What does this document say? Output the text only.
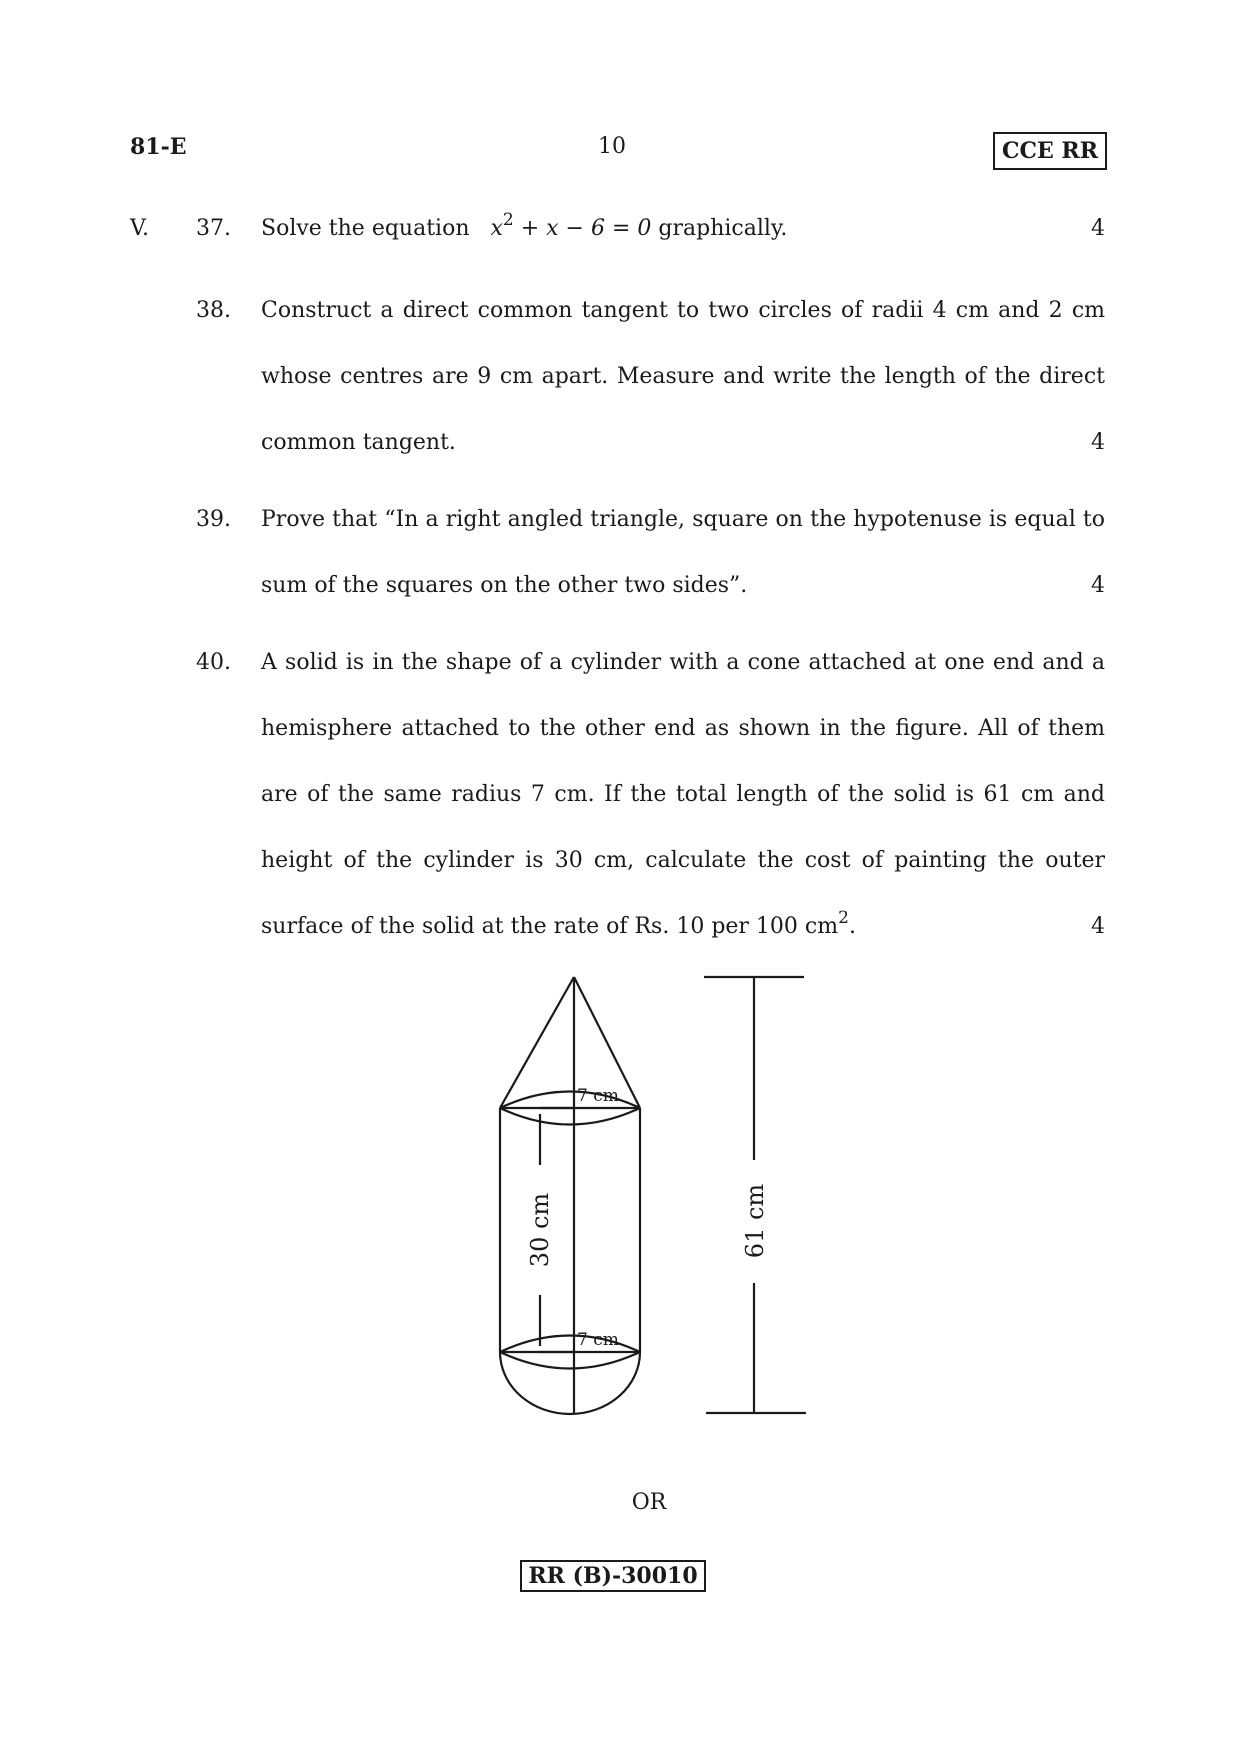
81-E	10	CCE RR
V. 37. Solve the equation $x^2 + x - 6 = 0$ graphically.	4
38. Construct a direct common tangent to two circles of radii 4 cm and 2 cm
whose centres are 9 cm apart. Measure and write the length of the direct
common tangent.	4
39. Prove that “In a right angled triangle, square on the hypotenuse is equal to
sum of the squares on the other two sides”.	4
40. A solid is in the shape of a cylinder with a cone attached at one end and a
hemisphere attached to the other end as shown in the figure. All of them
are of the same radius 7 cm. If the total length of the solid is 61 cm and
height of the cylinder is 30 cm, calculate the cost of painting the outer
surface of the solid at the rate of Rs. 10 per 100 $cm^2$.	4
7 cm
7 cm
30 cm	61 cm
OR
RR (B)-30010
